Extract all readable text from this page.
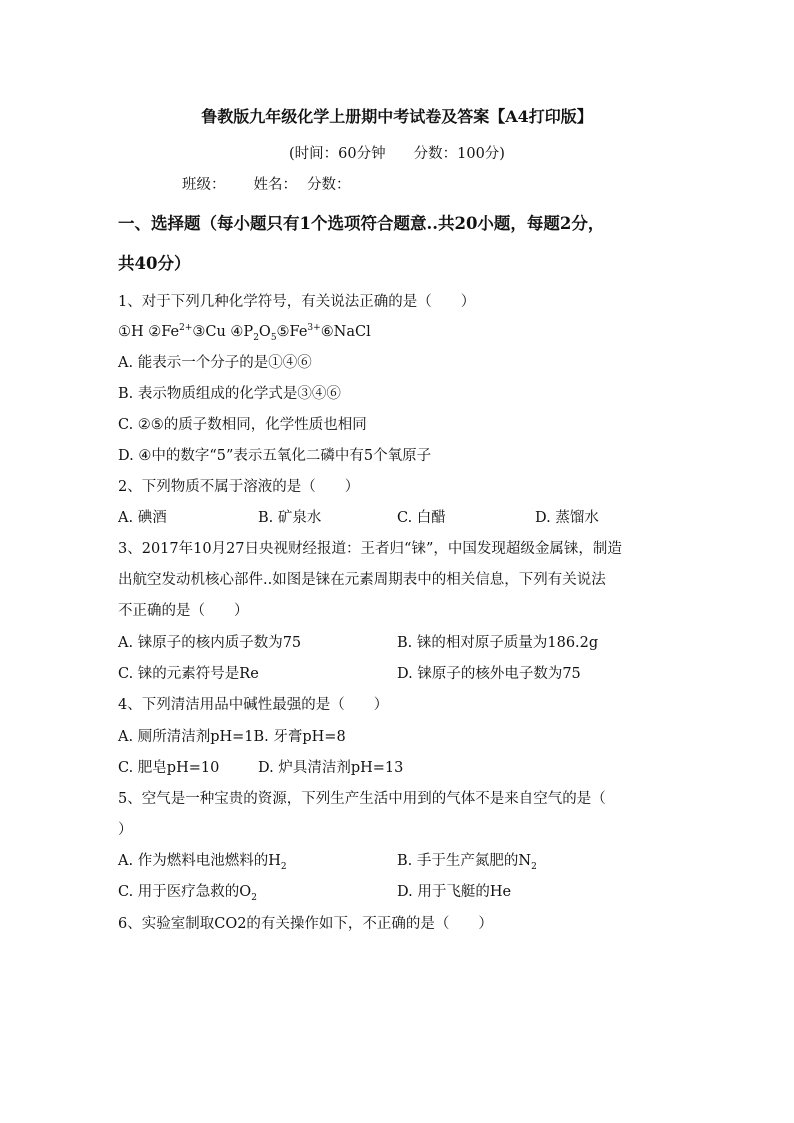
鲁教版九年级化学上册期中考试卷及答案【A4打印版】
(时间：60分钟 分数：100分)
班级： 姓名： 分数：
一、选择题（每小题只有1个选项符合题意..共20小题，每题2分，
共40分）
1、对于下列几种化学符号，有关说法正确的是（　　）
①H $②Fe^{2+}③Cu$ $④P_2O_5⑤Fe^{3+}⑥NaCl$
A. 能表示一个分子的是①④⑥
B. 表示物质组成的化学式是③④⑥
C. ②⑤的质子数相同，化学性质也相同
D. ④中的数字“5”表示五氧化二磷中有5个氧原子
2、下列物质不属于溶液的是（　　）
A. 碘酒	B. 矿泉水	C. 白醋	D. 蒸馏水
3、2017年10月27日央视财经报道：王者归“铼”，中国发现超级金属铼，制造
出航空发动机核心部件..如图是铼在元素周期表中的相关信息，下列有关说法
不正确的是（　　）
A. 铼原子的核内质子数为75	B. 铼的相对原子质量为186.2g
C. 铼的元素符号是Re	D. 铼原子的核外电子数为75
4、下列清洁用品中碱性最强的是（　　）
A. 厕所清洁剂pH=1B. 牙膏pH=8
C. 肥皂pH=10	D. 炉具清洁剂pH=13
5、空气是一种宝贵的资源，下列生产生活中用到的气体不是来自空气的是（
）
A. 作为燃料电池燃料的$H_2$	B. 手于生产氮肥的$N_2$
C. 用于医疗急救的$O_2$	D. 用于飞艇的He
6、实验室制取CO2的有关操作如下，不正确的是（　　）
